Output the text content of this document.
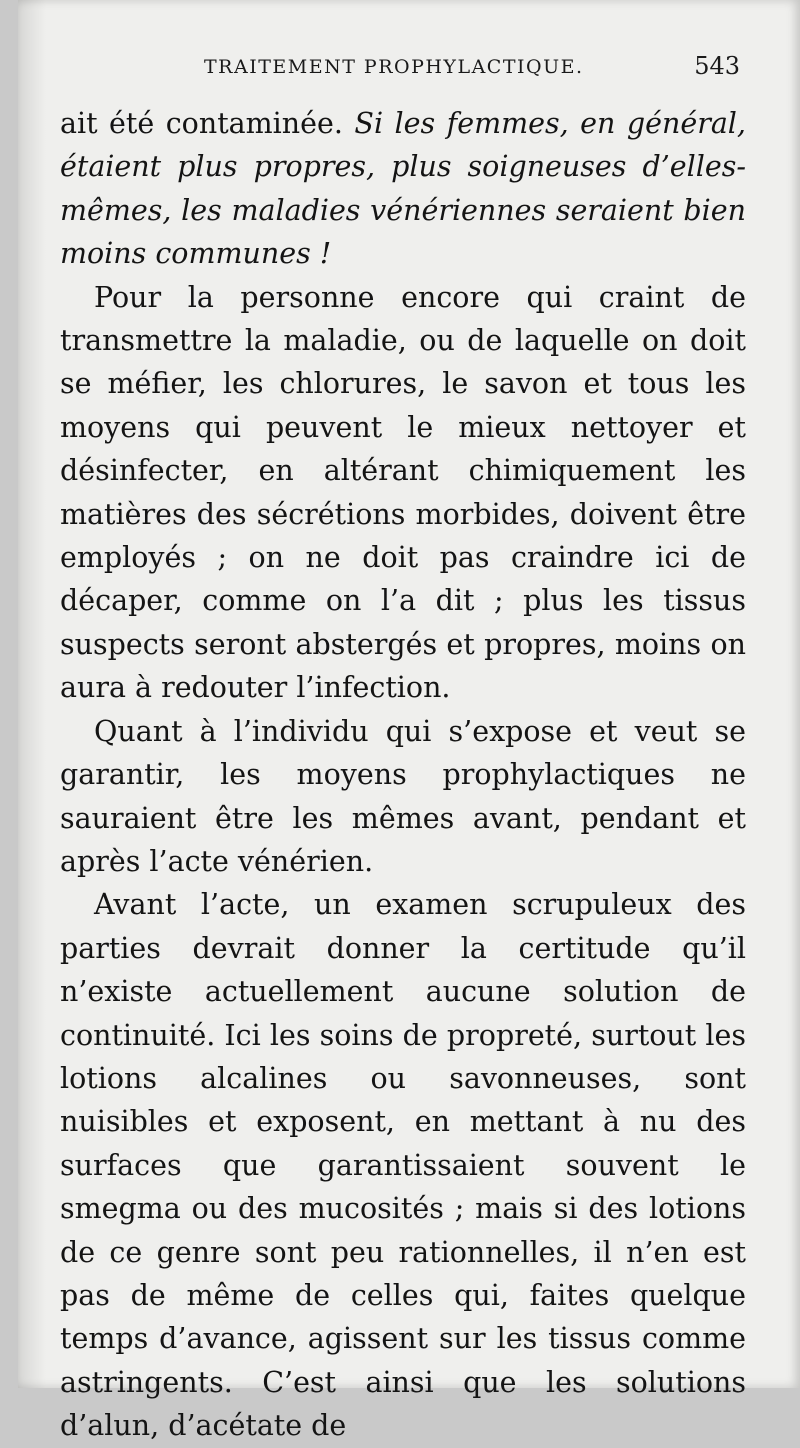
TRAITEMENT PROPHYLACTIQUE.	543

ait été contaminée. Si les femmes, en général, étaient plus propres, plus soigneuses d’elles-mêmes, les maladies vénériennes seraient bien moins communes !

Pour la personne encore qui craint de transmettre la maladie, ou de laquelle on doit se méfier, les chlorures, le savon et tous les moyens qui peuvent le mieux nettoyer et désinfecter, en altérant chimiquement les matières des sécrétions morbides, doivent être employés ; on ne doit pas craindre ici de décaper, comme on l’a dit ; plus les tissus suspects seront abstergés et propres, moins on aura à redouter l’infection.

Quant à l’individu qui s’expose et veut se garantir, les moyens prophylactiques ne sauraient être les mêmes avant, pendant et après l’acte vénérien.

Avant l’acte, un examen scrupuleux des parties devrait donner la certitude qu’il n’existe actuellement aucune solution de continuité. Ici les soins de propreté, surtout les lotions alcalines ou savonneuses, sont nuisibles et exposent, en mettant à nu des surfaces que garantissaient souvent le smegma ou des mucosités ; mais si des lotions de ce genre sont peu rationnelles, il n’en est pas de même de celles qui, faites quelque temps d’avance, agissent sur les tissus comme astringents. C’est ainsi que les solutions d’alun, d’acétate de
